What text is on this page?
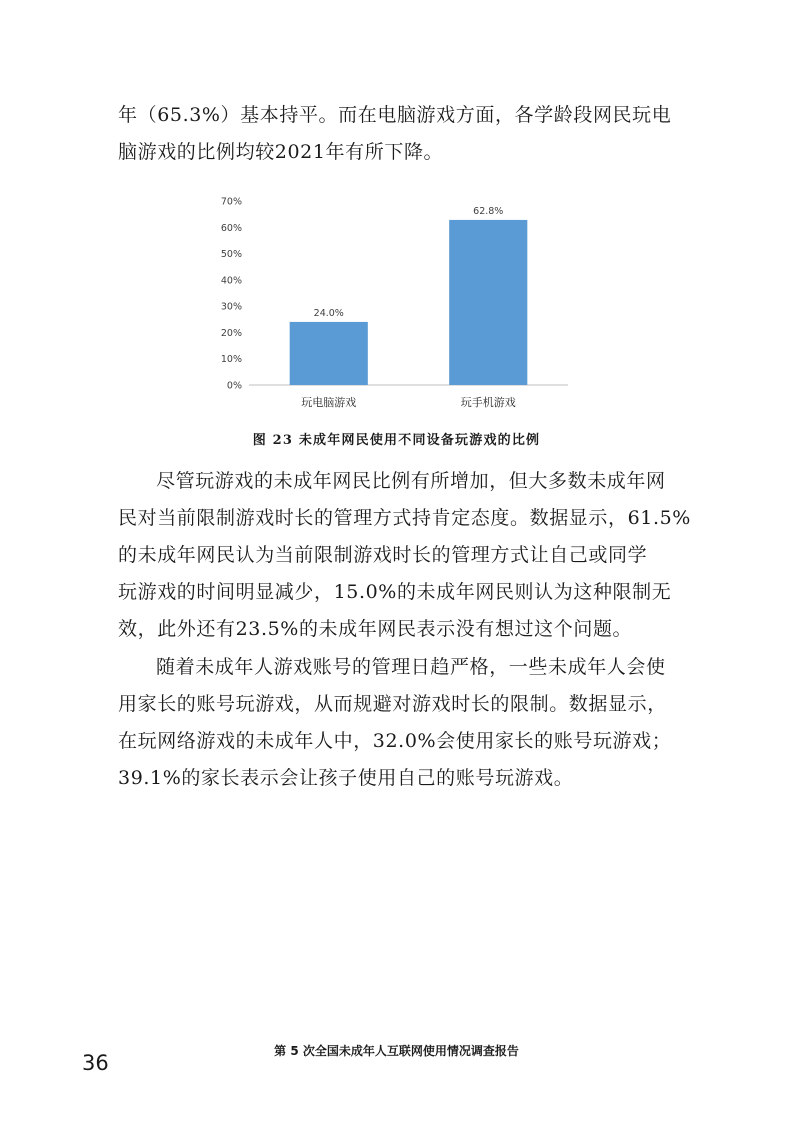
年（65.3%）基本持平。而在电脑游戏方面，各学龄段网民玩电
脑游戏的比例均较2021年有所下降。
0%
10%
20%
30%
40%
50%
60%
70%
24.0%
62.8%
玩电脑游戏	玩手机游戏
图 23 未成年网民使用不同设备玩游戏的比例
尽管玩游戏的未成年网民比例有所增加，但大多数未成年网
民对当前限制游戏时长的管理方式持肯定态度。数据显示，61.5%
的未成年网民认为当前限制游戏时长的管理方式让自己或同学
玩游戏的时间明显减少，15.0%的未成年网民则认为这种限制无
效，此外还有23.5%的未成年网民表示没有想过这个问题。
随着未成年人游戏账号的管理日趋严格，一些未成年人会使
用家长的账号玩游戏，从而规避对游戏时长的限制。数据显示，
在玩网络游戏的未成年人中，32.0%会使用家长的账号玩游戏；
39.1%的家长表示会让孩子使用自己的账号玩游戏。
第 5 次全国未成年人互联网使用情况调查报告
36
